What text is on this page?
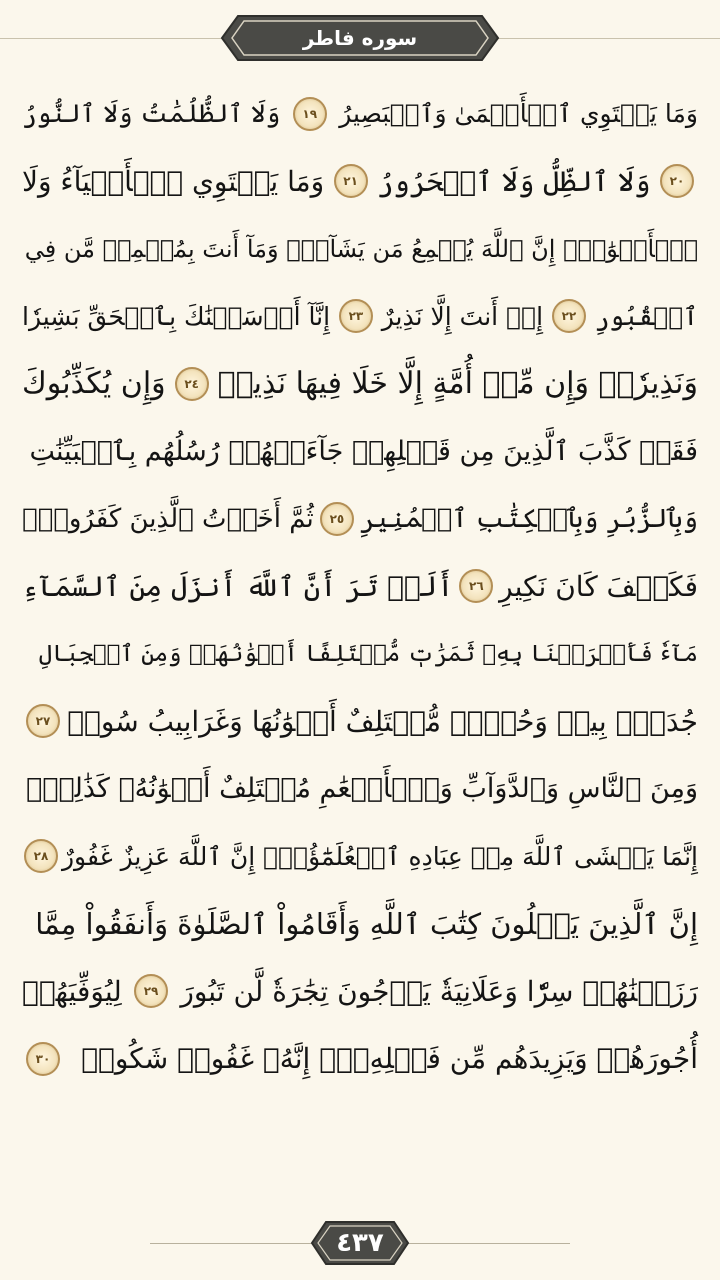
سوره فاطر
وَمَا يَسۡتَوِي ٱلۡأَعۡمَىٰ وَٱلۡبَصِيرُ
١٩
وَلَا ٱلظُّلُمَٰتُ وَلَا ٱلنُّورُ
٢٠
وَلَا ٱلظِّلُّ وَلَا ٱلۡحَرُورُ
٢١
وَمَا يَسۡتَوِي ٱلۡأَحۡيَآءُ وَلَا
ٱلۡأَمۡوَٰتُۚ إِنَّ ٱللَّهَ يُسۡمِعُ مَن يَشَآءُۖ وَمَآ أَنتَ بِمُسۡمِعٖ مَّن فِي
ٱلۡقُبُورِ
٢٢
إِنۡ أَنتَ إِلَّا نَذِيرٌ
٢٣
إِنَّآ أَرۡسَلۡنَٰكَ بِٱلۡحَقِّ بَشِيرٗا
وَنَذِيرٗاۚ وَإِن مِّنۡ أُمَّةٍ إِلَّا خَلَا فِيهَا نَذِيرٞ
٢٤
وَإِن يُكَذِّبُوكَ
فَقَدۡ كَذَّبَ ٱلَّذِينَ مِن قَبۡلِهِمۡ جَآءَتۡهُمۡ رُسُلُهُم بِٱلۡبَيِّنَٰتِ
وَبِٱلزُّبُرِ وَبِٱلۡكِتَٰبِ ٱلۡمُنِيرِ
٢٥
ثُمَّ أَخَذۡتُ ٱلَّذِينَ كَفَرُواْۖ
فَكَيۡفَ كَانَ نَكِيرِ
٢٦
أَلَمۡ تَرَ أَنَّ ٱللَّهَ أَنزَلَ مِنَ ٱلسَّمَآءِ
مَآءٗ فَأَخۡرَجۡنَا بِهِۦ ثَمَرَٰتٖ مُّخۡتَلِفًا أَلۡوَٰنُهَاۚ وَمِنَ ٱلۡجِبَالِ
جُدَدُۢ بِيضٞ وَحُمۡرٞ مُّخۡتَلِفٌ أَلۡوَٰنُهَا وَغَرَابِيبُ سُودٞ
٢٧
وَمِنَ ٱلنَّاسِ وَٱلدَّوَآبِّ وَٱلۡأَنۡعَٰمِ مُخۡتَلِفٌ أَلۡوَٰنُهُۥ كَذَٰلِكَۗ
إِنَّمَا يَخۡشَى ٱللَّهَ مِنۡ عِبَادِهِ ٱلۡعُلَمَٰٓؤُاْۗ إِنَّ ٱللَّهَ عَزِيزٌ غَفُورٌ
٢٨
إِنَّ ٱلَّذِينَ يَتۡلُونَ كِتَٰبَ ٱللَّهِ وَأَقَامُواْ ٱلصَّلَوٰةَ وَأَنفَقُواْ مِمَّا
رَزَقۡنَٰهُمۡ سِرّٗا وَعَلَانِيَةٗ يَرۡجُونَ تِجَٰرَةٗ لَّن تَبُورَ
٢٩
لِيُوَفِّيَهُمۡ
أُجُورَهُمۡ وَيَزِيدَهُم مِّن فَضۡلِهِۦٓۚ إِنَّهُۥ غَفُورٞ شَكُورٞ
٣٠
٤٣٧
